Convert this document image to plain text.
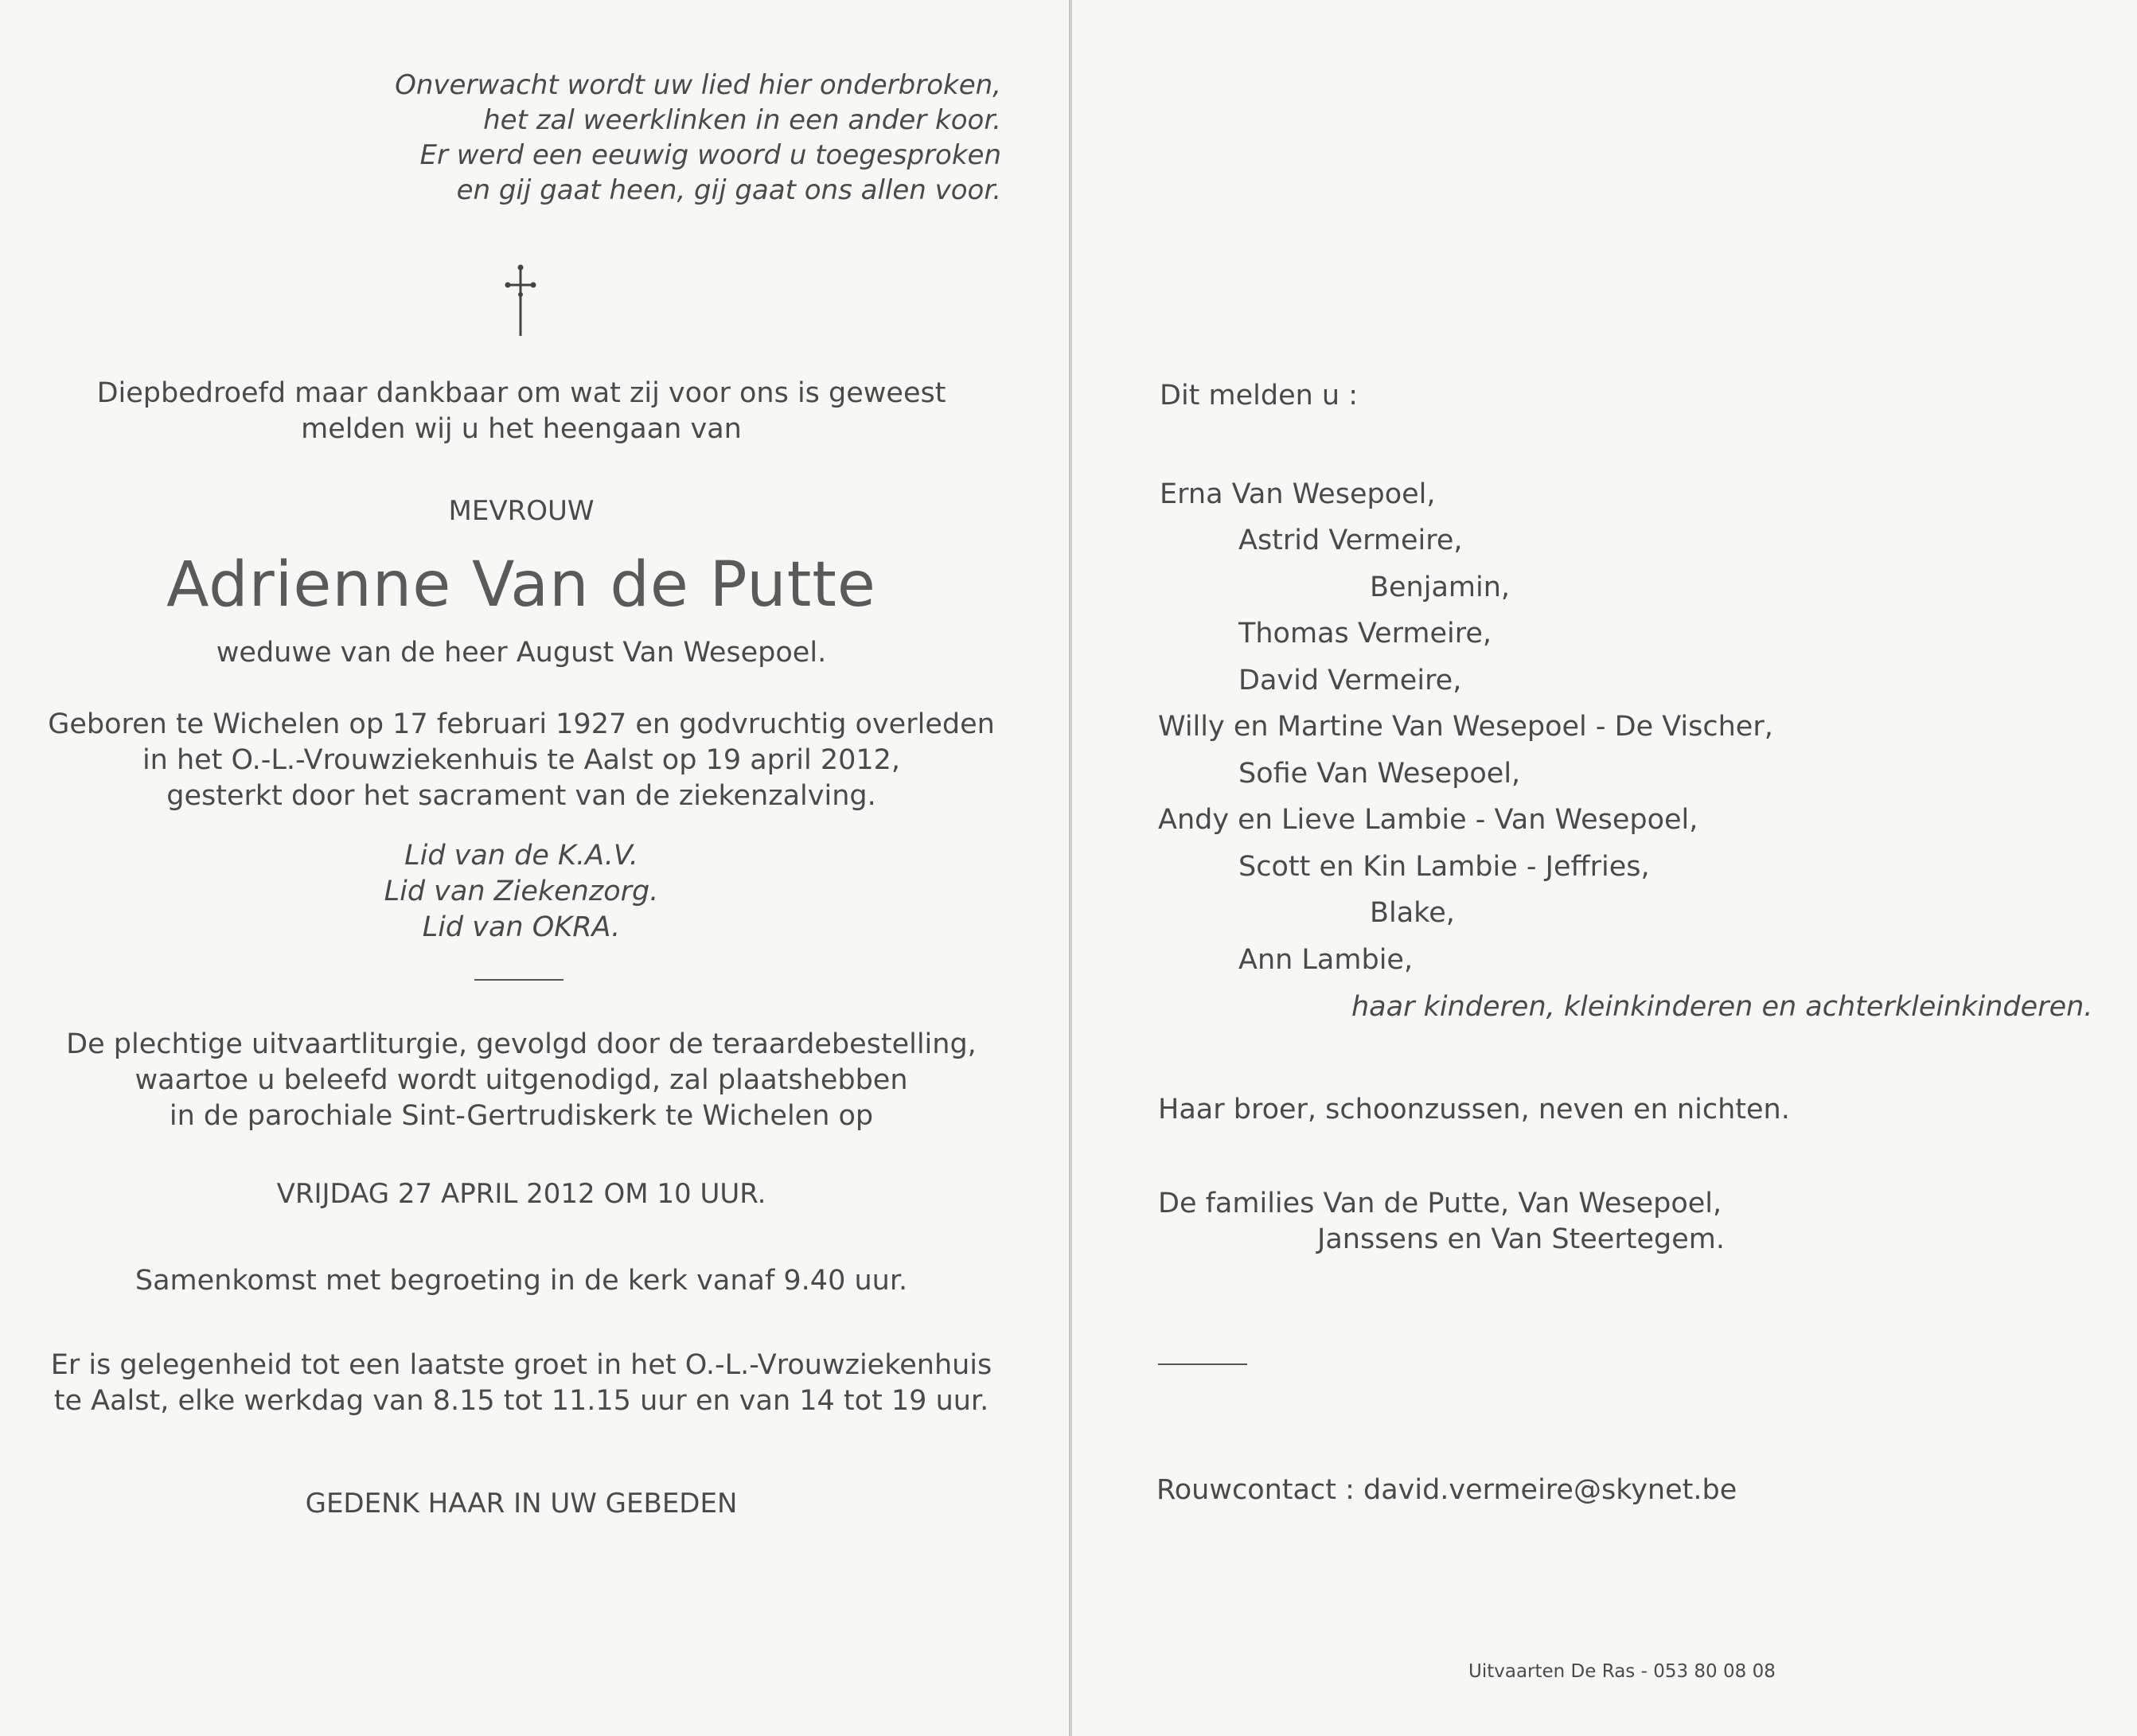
Onverwacht wordt uw lied hier onderbroken,
het zal weerklinken in een ander koor.
Er werd een eeuwig woord u toegesproken
en gij gaat heen, gij gaat ons allen voor.
Diepbedroefd maar dankbaar om wat zij voor ons is geweest
melden wij u het heengaan van
MEVROUW
Adrienne Van de Putte
weduwe van de heer August Van Wesepoel.
Geboren te Wichelen op 17 februari 1927 en godvruchtig overleden
in het O.-L.-Vrouwziekenhuis te Aalst op 19 april 2012,
gesterkt door het sacrament van de ziekenzalving.
Lid van de K.A.V.
Lid van Ziekenzorg.
Lid van OKRA.
De plechtige uitvaartliturgie, gevolgd door de teraardebestelling,
waartoe u beleefd wordt uitgenodigd, zal plaatshebben
in de parochiale Sint-Gertrudiskerk te Wichelen op
VRIJDAG 27 APRIL 2012 OM 10 UUR.
Samenkomst met begroeting in de kerk vanaf 9.40 uur.
Er is gelegenheid tot een laatste groet in het O.-L.-Vrouwziekenhuis
te Aalst, elke werkdag van 8.15 tot 11.15 uur en van 14 tot 19 uur.
GEDENK HAAR IN UW GEBEDEN
Dit melden u :
Erna Van Wesepoel,
Astrid Vermeire,
Benjamin,
Thomas Vermeire,
David Vermeire,
Willy en Martine Van Wesepoel - De Vischer,
Sofie Van Wesepoel,
Andy en Lieve Lambie - Van Wesepoel,
Scott en Kin Lambie - Jeffries,
Blake,
Ann Lambie,
haar kinderen, kleinkinderen en achterkleinkinderen.
Haar broer, schoonzussen, neven en nichten.
De families Van de Putte, Van Wesepoel,
Janssens en Van Steertegem.
Rouwcontact : david.vermeire@skynet.be
Uitvaarten De Ras - 053 80 08 08
